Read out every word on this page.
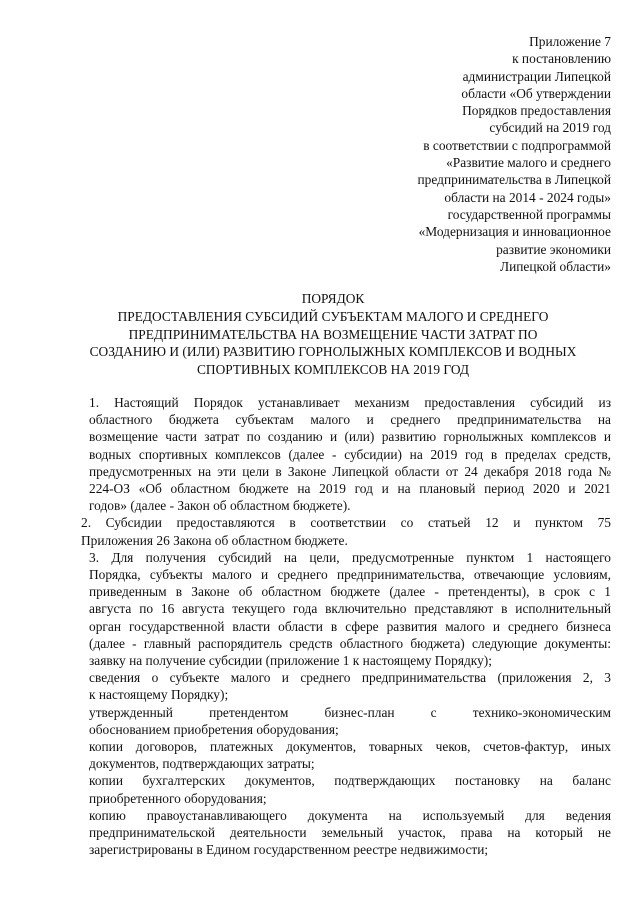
Приложение 7
к постановлению
администрации Липецкой
области «Об утверждении
Порядков предоставления
субсидий на 2019 год
в соответствии с подпрограммой
«Развитие малого и среднего
предпринимательства в Липецкой
области на 2014 - 2024 годы»
государственной программы
«Модернизация и инновационное
развитие экономики
Липецкой области»
ПОРЯДОК
ПРЕДОСТАВЛЕНИЯ СУБСИДИЙ СУБЪЕКТАМ МАЛОГО И СРЕДНЕГО
ПРЕДПРИНИМАТЕЛЬСТВА НА ВОЗМЕЩЕНИЕ ЧАСТИ ЗАТРАТ ПО
СОЗДАНИЮ И (ИЛИ) РАЗВИТИЮ ГОРНОЛЫЖНЫХ КОМПЛЕКСОВ И ВОДНЫХ
СПОРТИВНЫХ КОМПЛЕКСОВ НА 2019 ГОД
1. Настоящий Порядок устанавливает механизм предоставления субсидий из
областного бюджета субъектам малого и среднего предпринимательства на
возмещение части затрат по созданию и (или) развитию горнолыжных комплексов и
водных спортивных комплексов (далее - субсидии) на 2019 год в пределах средств,
предусмотренных на эти цели в Законе Липецкой области от 24 декабря 2018 года №
224-ОЗ «Об областном бюджете на 2019 год и на плановый период 2020 и 2021
годов» (далее - Закон об областном бюджете).
2. Субсидии предоставляются в соответствии со статьей 12 и пунктом 75
Приложения 26 Закона об областном бюджете.
3. Для получения субсидий на цели, предусмотренные пунктом 1 настоящего
Порядка, субъекты малого и среднего предпринимательства, отвечающие условиям,
приведенным в Законе об областном бюджете (далее - претенденты), в срок с 1
августа по 16 августа текущего года включительно представляют в исполнительный
орган государственной власти области в сфере развития малого и среднего бизнеса
(далее - главный распорядитель средств областного бюджета) следующие документы:
заявку на получение субсидии (приложение 1 к настоящему Порядку);
сведения о субъекте малого и среднего предпринимательства (приложения 2, 3
к настоящему Порядку);
утвержденный претендентом бизнес-план с технико-экономическим
обоснованием приобретения оборудования;
копии договоров, платежных документов, товарных чеков, счетов-фактур, иных
документов, подтверждающих затраты;
копии бухгалтерских документов, подтверждающих постановку на баланс
приобретенного оборудования;
копию правоустанавливающего документа на используемый для ведения
предпринимательской деятельности земельный участок, права на который не
зарегистрированы в Едином государственном реестре недвижимости;
